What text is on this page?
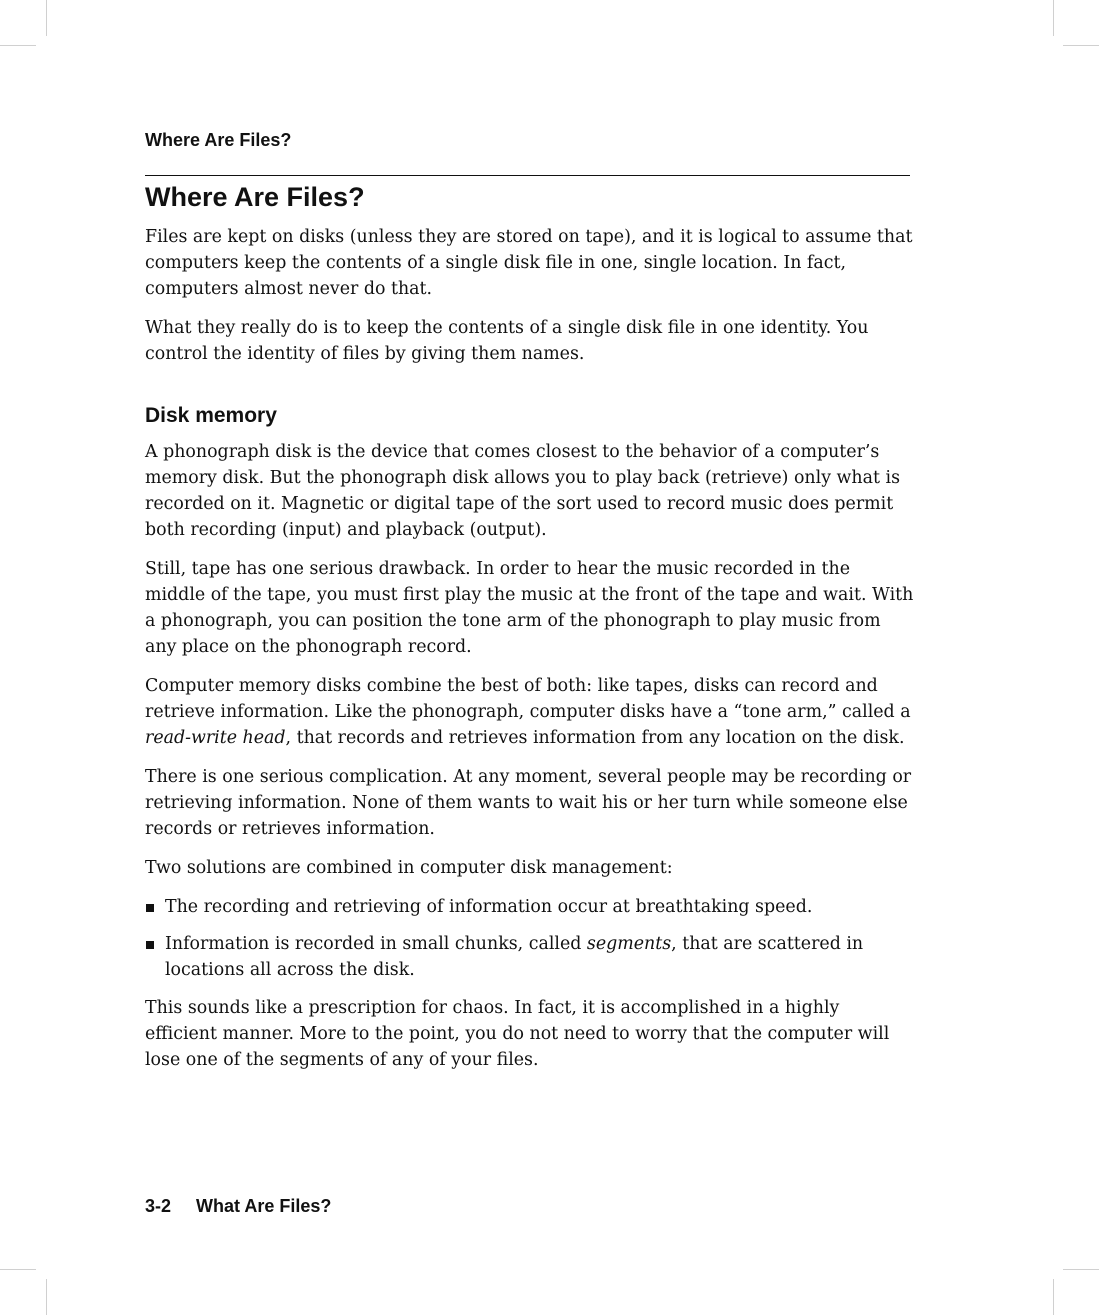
Where Are Files?
Where Are Files?

Files are kept on disks (unless they are stored on tape), and it is logical to assume that computers keep the contents of a single disk file in one, single location. In fact, computers almost never do that.

What they really do is to keep the contents of a single disk file in one identity. You control the identity of files by giving them names.

Disk memory

A phonograph disk is the device that comes closest to the behavior of a computer’s memory disk. But the phonograph disk allows you to play back (retrieve) only what is recorded on it. Magnetic or digital tape of the sort used to record music does permit both recording (input) and playback (output).

Still, tape has one serious drawback. In order to hear the music recorded in the middle of the tape, you must first play the music at the front of the tape and wait. With a phonograph, you can position the tone arm of the phonograph to play music from any place on the phonograph record.

Computer memory disks combine the best of both: like tapes, disks can record and retrieve information. Like the phonograph, computer disks have a “tone arm,” called a read-write head, that records and retrieves information from any location on the disk.

There is one serious complication. At any moment, several people may be recording or retrieving information. None of them wants to wait his or her turn while someone else records or retrieves information.

Two solutions are combined in computer disk management:

The recording and retrieving of information occur at breathtaking speed.
Information is recorded in small chunks, called segments, that are scattered in locations all across the disk.

This sounds like a prescription for chaos. In fact, it is accomplished in a highly efficient manner. More to the point, you do not need to worry that the computer will lose one of the segments of any of your files.

3-2 What Are Files?
